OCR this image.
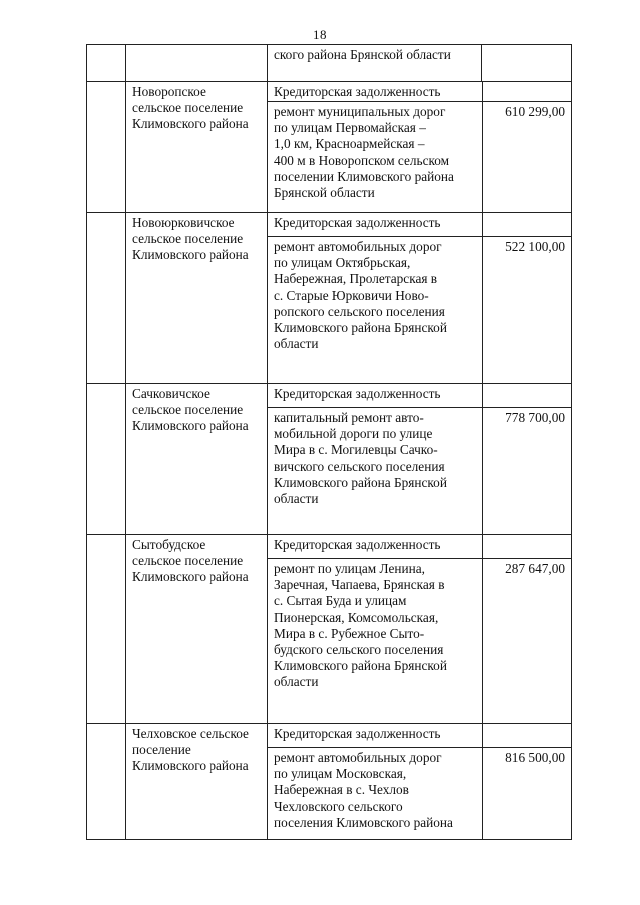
18
ского района Брянской области
Новоропское
сельское поселение
Климовского района
Кредиторская задолженность
ремонт муниципальных дорог
по улицам Первомайская –
1,0 км, Красноармейская –
400 м в Новоропском сельском
поселении Климовского района
Брянской области
610 299,00
Новоюрковичское
сельское поселение
Климовского района
Кредиторская задолженность
ремонт автомобильных дорог
по улицам Октябрьская,
Набережная, Пролетарская в
с. Старые Юрковичи Ново-
ропского сельского поселения
Климовского района Брянской
области
522 100,00
Сачковичское
сельское поселение
Климовского района
Кредиторская задолженность
капитальный ремонт авто-
мобильной дороги по улице
Мира в с. Могилевцы Сачко-
вичского сельского поселения
Климовского района Брянской
области
778 700,00
Сытобудское
сельское поселение
Климовского района
Кредиторская задолженность
ремонт по улицам Ленина,
Заречная, Чапаева, Брянская в
с. Сытая Буда и улицам
Пионерская, Комсомольская,
Мира в с. Рубежное Сыто-
будского сельского поселения
Климовского района Брянской
области
287 647,00
Челховское сельское
поселение
Климовского района
Кредиторская задолженность
ремонт автомобильных дорог
по улицам Московская,
Набережная в с. Чехлов
Чехловского сельского
поселения Климовского района
816 500,00
